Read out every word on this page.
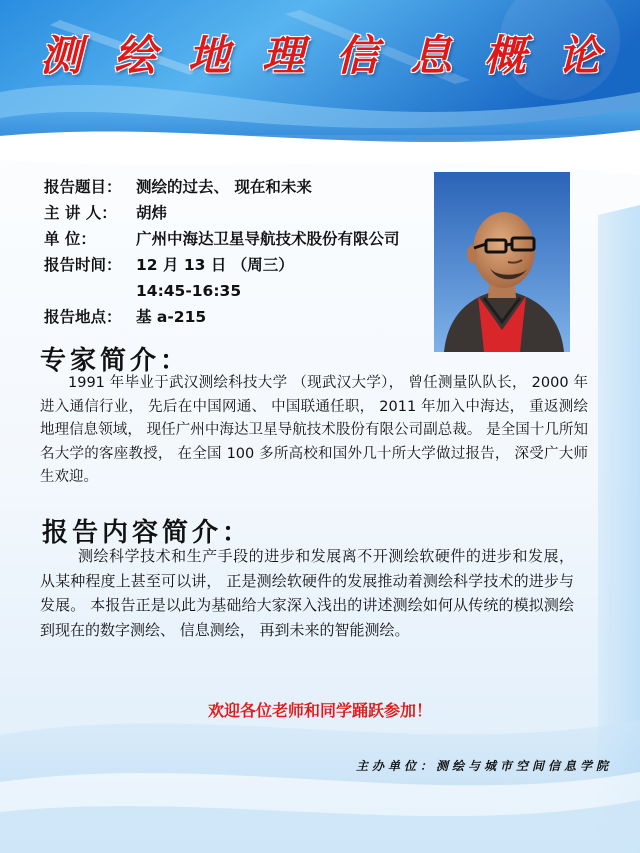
测绘地理信息概论
报告题目： 测绘的过去、 现在和未来
主 讲 人：	胡炜
单 位：	广州中海达卫星导航技术股份有限公司
报告时间： 12 月 13 日 （周三）
14:45-16:35
报告地点： 基 a-215
专家简介：

1991 年毕业于武汉测绘科技大学 （现武汉大学）， 曾任测量队队长， 2000 年进入通信行业， 先后在中国网通、 中国联通任职， 2011 年加入中海达， 重返测绘地理信息领域， 现任广州中海达卫星导航技术股份有限公司副总裁。 是全国十几所知名大学的客座教授， 在全国 100 多所高校和国外几十所大学做过报告， 深受广大师生欢迎。

报告内容简介：

测绘科学技术和生产手段的进步和发展离不开测绘软硬件的进步和发展， 从某种程度上甚至可以讲， 正是测绘软硬件的发展推动着测绘科学技术的进步与发展。 本报告正是以此为基础给大家深入浅出的讲述测绘如何从传统的模拟测绘到现在的数字测绘、 信息测绘， 再到未来的智能测绘。

欢迎各位老师和同学踊跃参加！

主办单位：测绘与城市空间信息学院
